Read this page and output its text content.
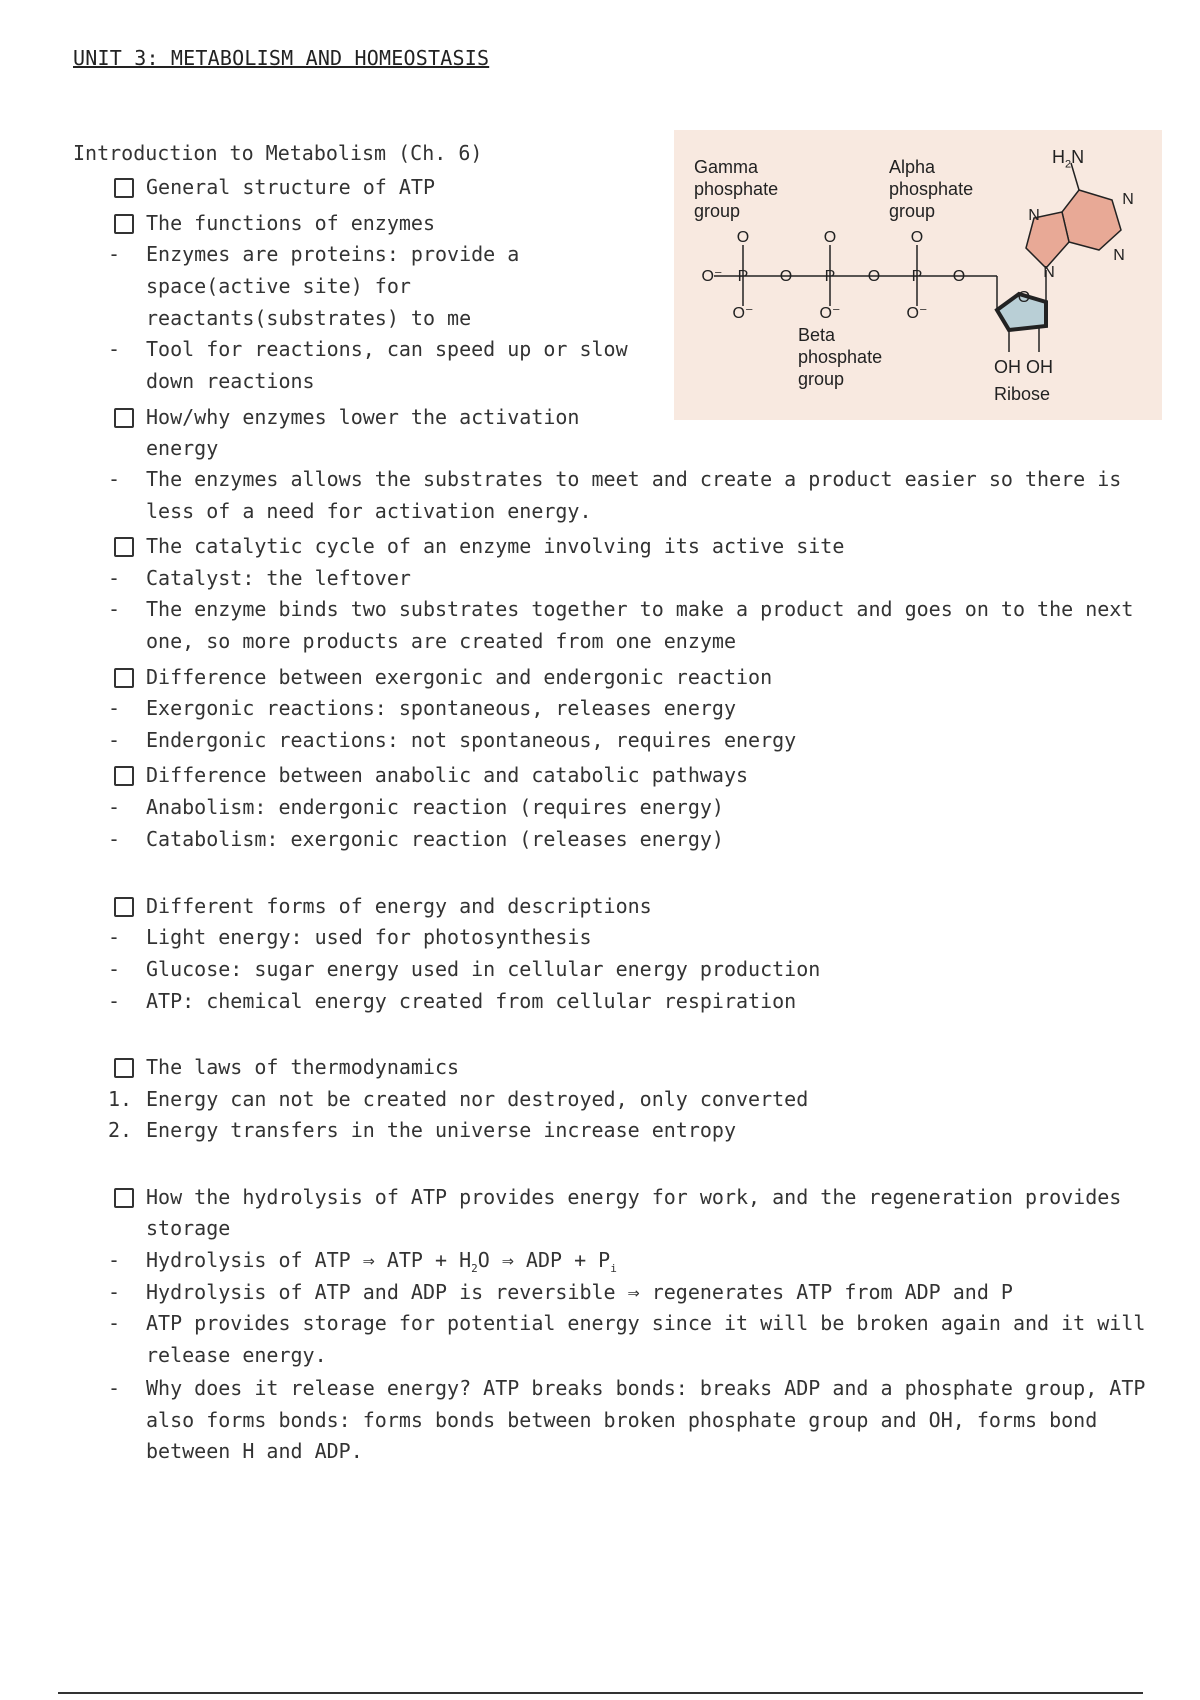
UNIT 3: METABOLISM AND HOMEOSTASIS
Introduction to Metabolism (Ch. 6)
Gamma
phosphate
group
Alpha
phosphate
group
Beta
phosphate
group
OH OH
Ribose
$H_2N$
O	O	O
O⁻ P O P O P O
O⁻	O⁻	O⁻
O
N
N
N
N
General structure of ATP
The functions of enzymes
- Enzymes are proteins: provide a
space(active site) for
reactants(substrates) to me
- Tool for reactions, can speed up or slow
down reactions
How/why enzymes lower the activation
energy
- The enzymes allows the substrates to meet and create a product easier so there is
less of a need for activation energy.
The catalytic cycle of an enzyme involving its active site
- Catalyst: the leftover
- The enzyme binds two substrates together to make a product and goes on to the next
one, so more products are created from one enzyme
Difference between exergonic and endergonic reaction
- Exergonic reactions: spontaneous, releases energy
- Endergonic reactions: not spontaneous, requires energy
Difference between anabolic and catabolic pathways
- Anabolism: endergonic reaction (requires energy)
- Catabolism: exergonic reaction (releases energy)
Different forms of energy and descriptions
- Light energy: used for photosynthesis
- Glucose: sugar energy used in cellular energy production
- ATP: chemical energy created from cellular respiration
The laws of thermodynamics
1. Energy can not be created nor destroyed, only converted
2. Energy transfers in the universe increase entropy
How the hydrolysis of ATP provides energy for work, and the regeneration provides
storage
- Hydrolysis of ATP ⇒ ATP + $H_2O$ ⇒ ADP + $P_i$
- Hydrolysis of ATP and ADP is reversible ⇒ regenerates ATP from ADP and P
- ATP provides storage for potential energy since it will be broken again and it will
release energy.
- Why does it release energy? ATP breaks bonds: breaks ADP and a phosphate group, ATP
also forms bonds: forms bonds between broken phosphate group and OH, forms bond
between H and ADP.
